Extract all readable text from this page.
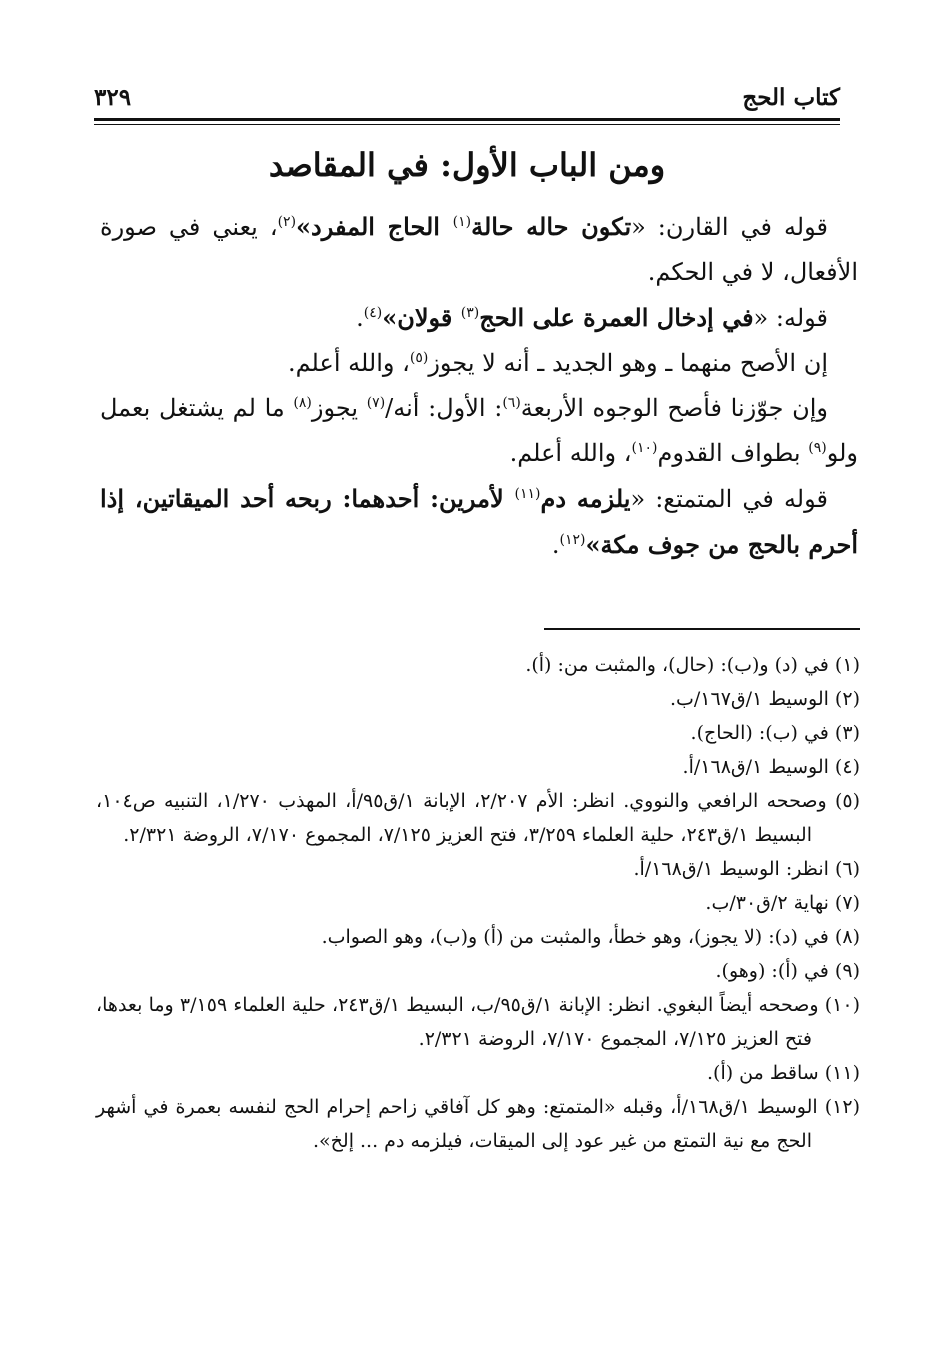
كتاب الحج
٣٢٩
ومن الباب الأول: في المقاصد

قوله في القارن: «تكون حاله حالة$^{(١)}$ الحاج المفرد»$^{(٢)}$، يعني في صورة الأفعال، لا في الحكم.

قوله: «في إدخال العمرة على الحج$^{(٣)}$ قولان»$^{(٤)}$.

إن الأصح منهما ـ وهو الجديد ـ أنه لا يجوز$^{(٥)}$، والله أعلم.

وإن جوّزنا فأصح الوجوه الأربعة$^{(٦)}$: الأول: أنه/$^{(٧)}$ يجوز$^{(٨)}$ ما لم يشتغل بعمل ولو$^{(٩)}$ بطواف القدوم$^{(١٠)}$، والله أعلم.

قوله في المتمتع: «يلزمه دم$^{(١١)}$ لأمرين: أحدهما: ربحه أحد الميقاتين، إذا أحرم بالحج من جوف مكة»$^{(١٢)}$.

(١) في (د) و(ب): (حال)، والمثبت من: (أ).

(٢) الوسيط ١/ق١٦٧/ب.

(٣) في (ب): (الحاج).

(٤) الوسيط ١/ق١٦٨/أ.

(٥) وصححه الرافعي والنووي. انظر: الأم ٢/٢٠٧، الإبانة ١/ق٩٥/أ، المهذب ١/٢٧٠، التنبيه ص١٠٤، البسيط ١/ق٢٤٣، حلية العلماء ٣/٢٥٩، فتح العزيز ٧/١٢٥، المجموع ٧/١٧٠، الروضة ٢/٣٢١.

(٦) انظر: الوسيط ١/ق١٦٨/أ.

(٧) نهاية ٢/ق٣٠/ب.

(٨) في (د): (لا يجوز)، وهو خطأ، والمثبت من (أ) و(ب)، وهو الصواب.

(٩) في (أ): (وهو).

(١٠) وصححه أيضاً البغوي. انظر: الإبانة ١/ق٩٥/ب، البسيط ١/ق٢٤٣، حلية العلماء ٣/١٥٩ وما بعدها، فتح العزيز ٧/١٢٥، المجموع ٧/١٧٠، الروضة ٢/٣٢١.

(١١) ساقط من (أ).

(١٢) الوسيط ١/ق١٦٨/أ، وقبله «المتمتع: وهو كل آفاقي زاحم إحرام الحج لنفسه بعمرة في أشهر الحج مع نية التمتع من غير عود إلى الميقات، فيلزمه دم ... إلخ».
